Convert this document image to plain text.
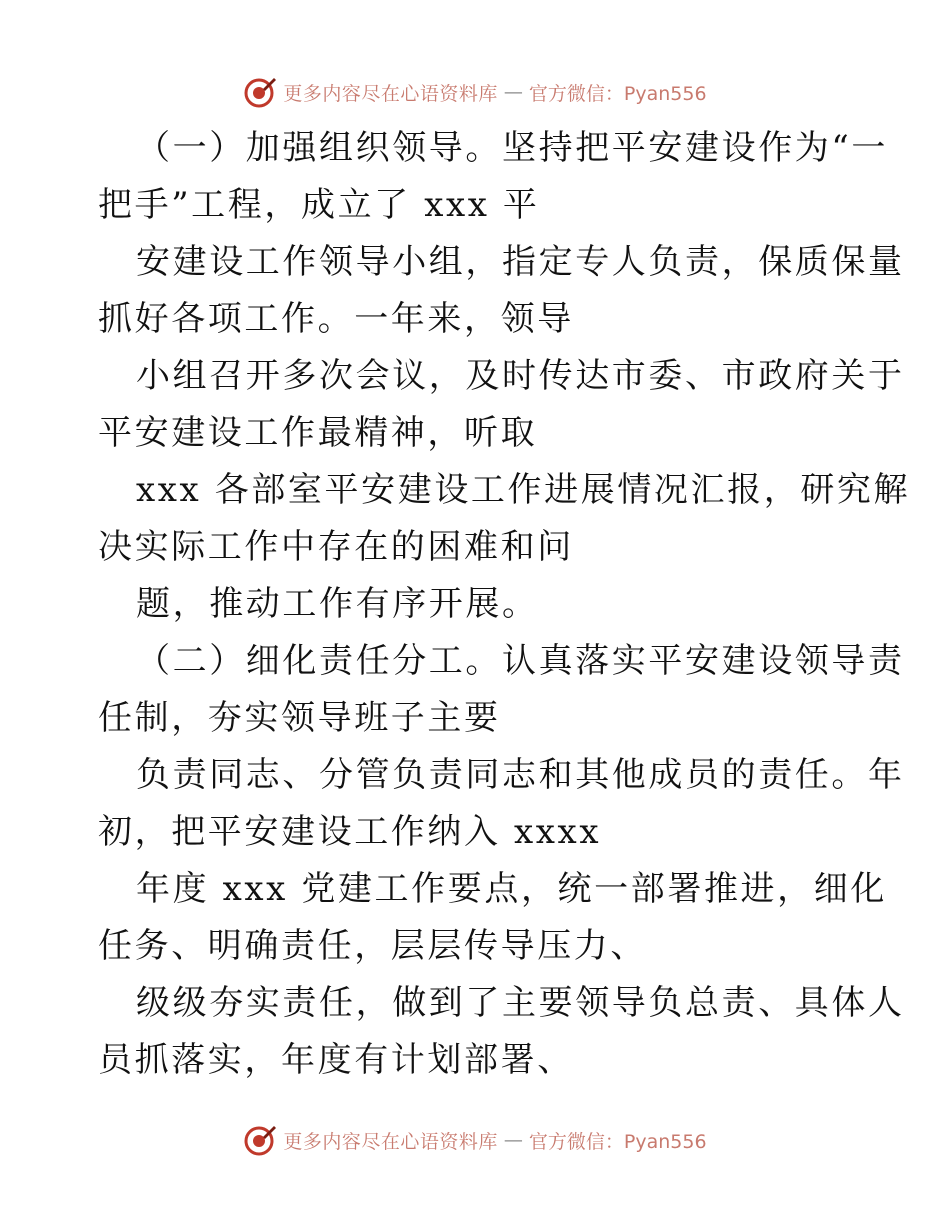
更多内容尽在心语资料库 — 官方微信：Pyan556
（一）加强组织领导。坚持把平安建设作为“一
把手”工程，成立了 xxx 平
安建设工作领导小组，指定专人负责，保质保量
抓好各项工作。一年来，领导
小组召开多次会议，及时传达市委、市政府关于
平安建设工作最精神，听取
xxx 各部室平安建设工作进展情况汇报，研究解
决实际工作中存在的困难和问
题，推动工作有序开展。
（二）细化责任分工。认真落实平安建设领导责
任制，夯实领导班子主要
负责同志、分管负责同志和其他成员的责任。年
初，把平安建设工作纳入 xxxx
年度 xxx 党建工作要点，统一部署推进，细化
任务、明确责任，层层传导压力、
级级夯实责任，做到了主要领导负总责、具体人
员抓落实，年度有计划部署、
更多内容尽在心语资料库 — 官方微信：Pyan556
